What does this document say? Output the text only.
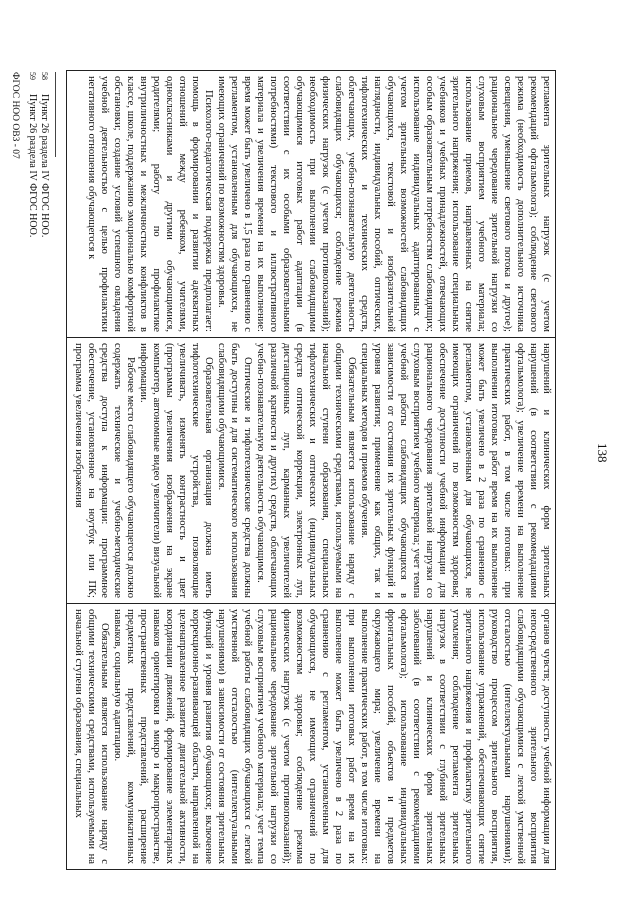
138

регламента зрительных нагрузок (с учетом рекомендаций офтальмолога); соблюдение светового режима (необходимость дополнительного источника освещения, уменьшение светового потока и другое); рациональное чередование зрительной нагрузки со слуховым восприятием учебного материала; использование приемов, направленных на снятие зрительного напряжения; использование специальных учебников и учебных принадлежностей, отвечающих особым образовательным потребностям слабовидящих; использование индивидуальных адаптированных с учетом зрительных возможностей слабовидящих обучающихся, текстовой и изобразительной наглядности, индивидуальных пособий, оптических, тифлотехнических и технических средств, облегчающих, учебно-познавательную деятельность слабовидящих обучающихся; соблюдение режима физических нагрузок (с учетом противопоказаний); необходимость при выполнении слабовидящими обучающимися итоговых работ адаптации (в соответствии с их особыми образовательными потребностями) текстового и иллюстративного материала и увеличения времени на их выполнение: время может быть увеличено в 1,5 раза по сравнению с регламентом, установленным для обучающихся, не имеющих ограничений по возможностям здоровья.

Психолого-педагогическая поддержка предполагает: помощь в формировании и развитии адекватных отношений между ребенком, учителями, одноклассниками и другими обучающимися, родителями; работу по профилактике внутриличностных и межличностных конфликтов в классе, школе, поддержанию эмоционально комфортной обстановки; создание условий успешного овладения учебной деятельностью с целью профилактики негативного отношения обучающегося к

нарушений и клинических форм зрительных нарушений (в соответствии с рекомендациями офтальмолога); увеличение времени на выполнение практических работ, в том числе итоговых: при выполнении итоговых работ время на их выполнение может быть увеличено в 2 раза по сравнению с регламентом, установленным для обучающихся, не имеющих ограничений по возможностям здоровья; обеспечение доступности учебной информации для рационального чередования зрительной нагрузки со слуховым восприятием учебного материала; учет темпа учебной работы слабовидящих обучающихся в зависимости от состояния их зрительных функций и уровня развития; применение как общих, так и специальных методов и приемов обучения.

Обязательным является использование наряду с общими техническими средствами, используемыми на начальной ступени образования, специальных тифлотехнических и оптических (индивидуальных средств оптической коррекции, электронных луп, дистанционных луп, карманных увеличителей различной кратности и других) средств, облегчающих учебно-познавательную деятельность обучающимся.

Оптические и тифлотехнические средства должны быть доступны и для систематического использования слабовидящими обучающимися.

Образовательная организация должна иметь тифлотехнические устройства, позволяющие увеличивать, изменять контрастность и цвет (программы увеличения изображения на экране компьютер, автономные видео увеличители) визуальной информации.

Рабочее место слабовидящего обучающегося должно содержать технические и учебно-методические средства доступа к информации: программное обеспечение, установленное на ноутбук или ПК; программа увеличения изображения

органов чувств; доступность учебной информации для непосредственного зрительного восприятия слабовидящими обучающимися с легкой умственной отсталостью (интеллектуальными нарушениями); руководство процессом зрительного восприятия, использование упражнений, обеспечивающих снятие зрительного напряжения и профилактику зрительного утомления; соблюдение регламента зрительных нагрузок в соответствии с глубиной зрительных нарушений и клинических форм зрительных заболеваний (в соответствии с рекомендациями офтальмолога); использование индивидуальных фронтальных пособий, объектов и предметов окружающего мира; увеличение времени на выполнение практических работ, в том числе итоговых: при выполнении итоговых работ время на их выполнение может быть увеличено в 2 раза по сравнению с регламентом, установленным для обучающихся, не имеющих ограничений по возможностям здоровья; соблюдение режима физических нагрузок (с учетом противопоказаний); рациональное чередование зрительной нагрузки со слуховым восприятием учебного материала; учет темпа учебной работы слабовидящих обучающихся с легкой умственной отсталостью (интеллектуальными нарушениями) в зависимости от состояния зрительных функций и уровня развития обучающихся; включение коррекционно-развивающей области, направленной на целенаправленное развитие двигательной активности, координации движений, формирование элементарных навыков ориентировки в микро и макропространстве, пространственных представлений, расширение предметных представлений, коммуникативных навыков, социальную адаптацию.

Обязательным является использование наряду с общими техническими средствами, используемыми на начальной ступени образования, специальных

58
Пункт 26 раздела IV ФГОС НОО.
59
Пункт 26 раздела IV ФГОС НОО.
ФГОС НОО ОВЗ - 07
